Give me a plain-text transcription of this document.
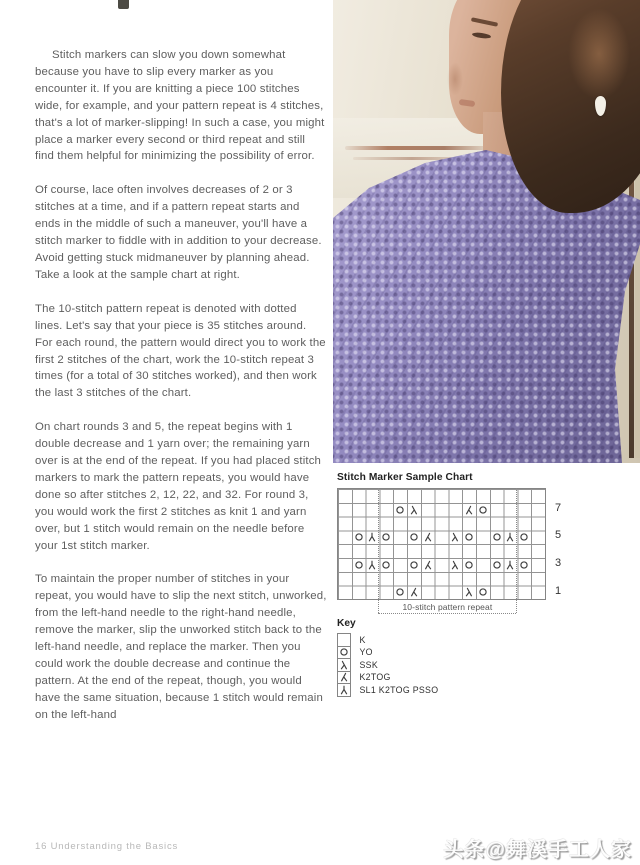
Stitch markers can slow you down somewhat because you have to slip every marker as you encounter it. If you are knitting a piece 100 stitches wide, for example, and your pattern repeat is 4 stitches, that's a lot of marker-slipping! In such a case, you might place a marker every second or third repeat and still find them helpful for minimizing the possibility of error.

Of course, lace often involves decreases of 2 or 3 stitches at a time, and if a pattern repeat starts and ends in the middle of such a maneuver, you'll have a stitch marker to fiddle with in addition to your decrease. Avoid getting stuck midmaneuver by planning ahead. Take a look at the sample chart at right.

The 10-stitch pattern repeat is denoted with dotted lines. Let's say that your piece is 35 stitches around. For each round, the pattern would direct you to work the first 2 stitches of the chart, work the 10-stitch repeat 3 times (for a total of 30 stitches worked), and then work the last 3 stitches of the chart.

On chart rounds 3 and 5, the repeat begins with 1 double decrease and 1 yarn over; the remaining yarn over is at the end of the repeat. If you had placed stitch markers to mark the pattern repeats, you would have done so after stitches 2, 12, 22, and 32. For round 3, you would work the first 2 stitches as knit 1 and yarn over, but 1 stitch would remain on the needle before your 1st stitch marker.

To maintain the proper number of stitches in your repeat, you would have to slip the next stitch, unworked, from the left-hand needle to the right-hand needle, remove the marker, slip the unworked stitch back to the left-hand needle, and replace the marker. Then you could work the double decrease and continue the pattern. At the end of the repeat, though, you would have the same situation, because 1 stitch would remain on the left-hand

Stitch Marker Sample Chart
10-stitch pattern repeat
7
5
3
1
Key
K
YO
SSK
K2TOG
SL1 K2TOG PSSO
16 Understanding the Basics	头条@舞溪手工人家
